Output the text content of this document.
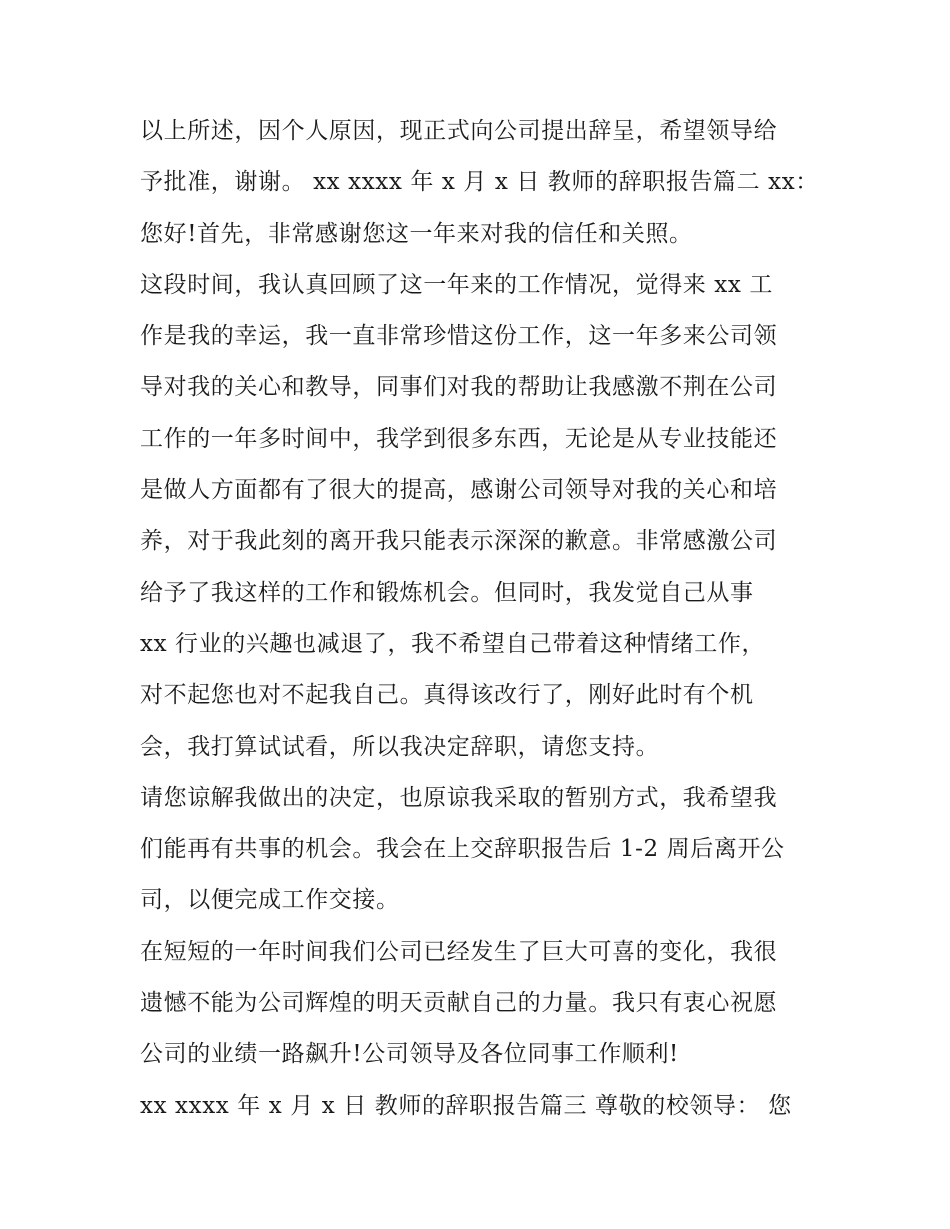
以上所述，因个人原因，现正式向公司提出辞呈，希望领导给
予批准，谢谢。 xx xxxx 年 x 月 x 日 教师的辞职报告篇二 xx：
您好!首先，非常感谢您这一年来对我的信任和关照。
这段时间，我认真回顾了这一年来的工作情况，觉得来 xx 工
作是我的幸运，我一直非常珍惜这份工作，这一年多来公司领
导对我的关心和教导，同事们对我的帮助让我感激不荆在公司
工作的一年多时间中，我学到很多东西，无论是从专业技能还
是做人方面都有了很大的提高，感谢公司领导对我的关心和培
养，对于我此刻的离开我只能表示深深的歉意。非常感激公司
给予了我这样的工作和锻炼机会。但同时，我发觉自己从事
xx 行业的兴趣也减退了，我不希望自己带着这种情绪工作，
对不起您也对不起我自己。真得该改行了，刚好此时有个机
会，我打算试试看，所以我决定辞职，请您支持。
请您谅解我做出的决定，也原谅我采取的暂别方式，我希望我
们能再有共事的机会。我会在上交辞职报告后 1-2 周后离开公
司，以便完成工作交接。
在短短的一年时间我们公司已经发生了巨大可喜的变化，我很
遗憾不能为公司辉煌的明天贡献自己的力量。我只有衷心祝愿
公司的业绩一路飙升!公司领导及各位同事工作顺利!
xx xxxx 年 x 月 x 日 教师的辞职报告篇三 尊敬的校领导： 您
